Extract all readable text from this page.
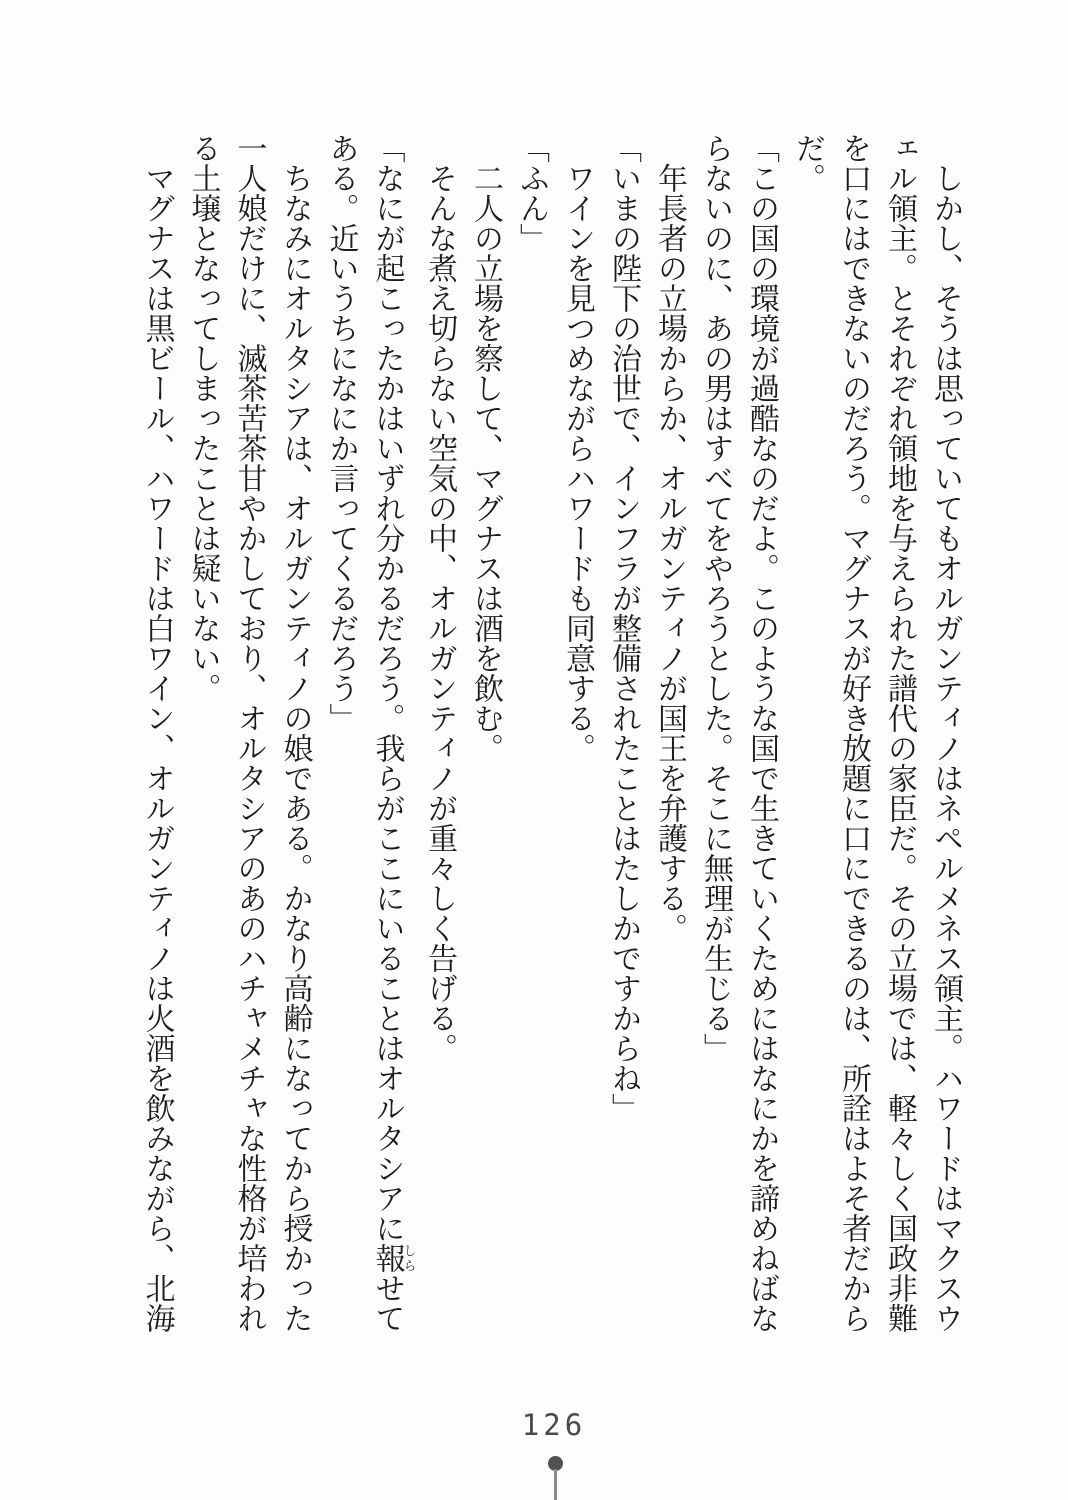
　しかし、そうは思っていてもオルガンティノはネペルメネス領主。ハワードはマクスウ

ェル領主。とそれぞれ領地を与えられた譜代の家臣だ。その立場では、軽々しく国政非難

を口にはできないのだろう。マグナスが好き放題に口にできるのは、所詮はよそ者だから

だ。

「この国の環境が過酷なのだよ。このような国で生きていくためにはなにかを諦めねばな

らないのに、あの男はすべてをやろうとした。そこに無理が生じる」

　年長者の立場からか、オルガンティノが国王を弁護する。

「いまの陛下の治世で、インフラが整備されたことはたしかですからね」

　ワインを見つめながらハワードも同意する。

「ふん」

　二人の立場を察して、マグナスは酒を飲む。

　そんな煮え切らない空気の中、オルガンティノが重々しく告げる。

「なにが起こったかはいずれ分かるだろう。我らがここにいることはオルタシアに報しらせて

ある。近いうちになにか言ってくるだろう」

　ちなみにオルタシアは、オルガンティノの娘である。かなり高齢になってから授かった

一人娘だけに、滅茶苦茶甘やかしており、オルタシアのあのハチャメチャな性格が培われ

る土壌となってしまったことは疑いない。

　マグナスは黒ビール、ハワードは白ワイン、オルガンティノは火酒を飲みながら、北海

126
